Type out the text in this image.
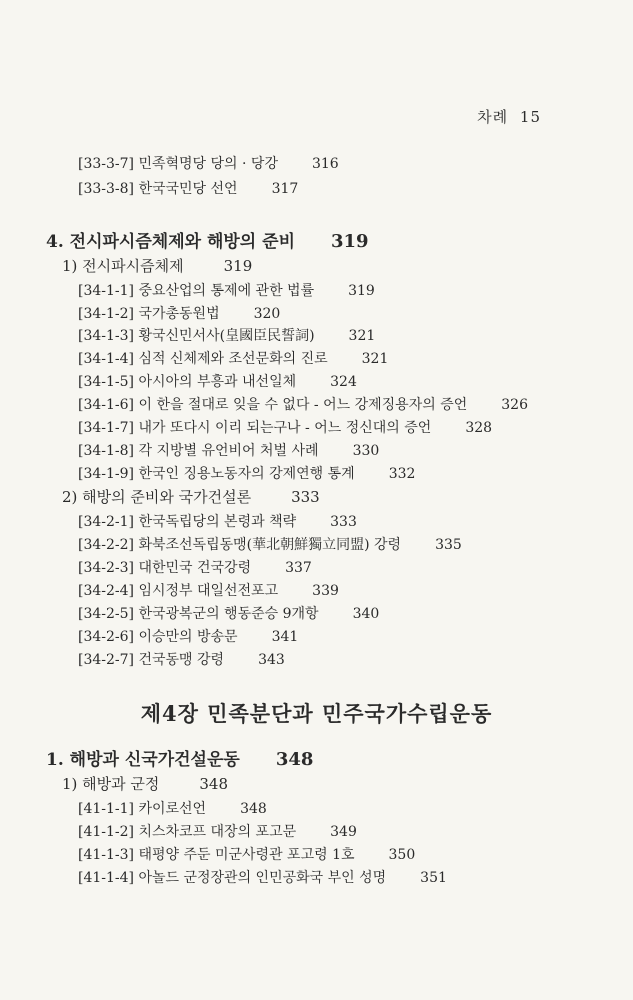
차례 15
[33-3-7] 민족혁명당 당의 · 당강 316
[33-3-8] 한국국민당 선언 317
4. 전시파시즘체제와 해방의 준비 319
1) 전시파시즘체제	319
[34-1-1] 중요산업의 통제에 관한 법률 319
[34-1-2] 국가총동원법 320
[34-1-3] 황국신민서사(皇國臣民誓詞) 321
[34-1-4] 심적 신체제와 조선문화의 진로 321
[34-1-5] 아시아의 부흥과 내선일체 324
[34-1-6] 이 한을 절대로 잊을 수 없다 - 어느 강제징용자의 증언 326
[34-1-7] 내가 또다시 이리 되는구나 - 어느 정신대의 증언 328
[34-1-8] 각 지방별 유언비어 처벌 사례 330
[34-1-9] 한국인 징용노동자의 강제연행 통계 332
2) 해방의 준비와 국가건설론	333
[34-2-1] 한국독립당의 본령과 책략 333
[34-2-2] 화북조선독립동맹(華北朝鮮獨立同盟) 강령 335
[34-2-3] 대한민국 건국강령 337
[34-2-4] 임시정부 대일선전포고 339
[34-2-5] 한국광복군의 행동준승 9개항 340
[34-2-6] 이승만의 방송문 341
[34-2-7] 건국동맹 강령 343
제4장 민족분단과 민주국가수립운동
1. 해방과 신국가건설운동 348
1) 해방과 군정	348
[41-1-1] 카이로선언 348
[41-1-2] 치스차코프 대장의 포고문 349
[41-1-3] 태평양 주둔 미군사령관 포고령 1호 350
[41-1-4] 아놀드 군정장관의 인민공화국 부인 성명 351
